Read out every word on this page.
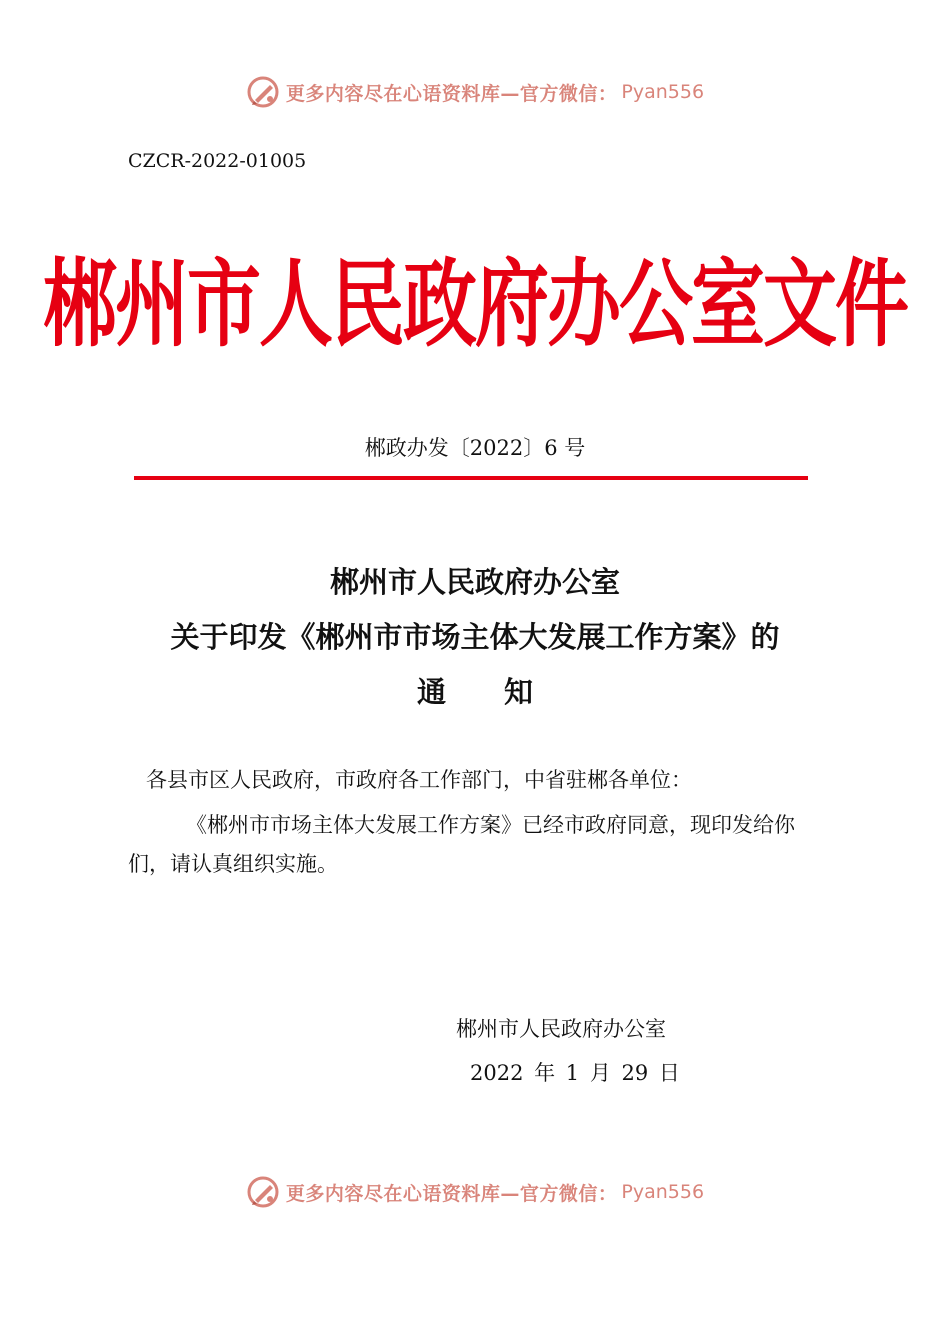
更多内容尽在心语资料库—官方微信： Pyan556
CZCR-2022-01005
郴州市人民政府办公室文件
郴政办发〔2022〕6 号
郴州市人民政府办公室
关于印发《郴州市市场主体大发展工作方案》的
通 知
各县市区人民政府，市政府各工作部门，中省驻郴各单位：
《郴州市市场主体大发展工作方案》已经市政府同意，现印发给你们，请认真组织实施。
郴州市人民政府办公室
2022 年 1 月 29 日
更多内容尽在心语资料库—官方微信： Pyan556
